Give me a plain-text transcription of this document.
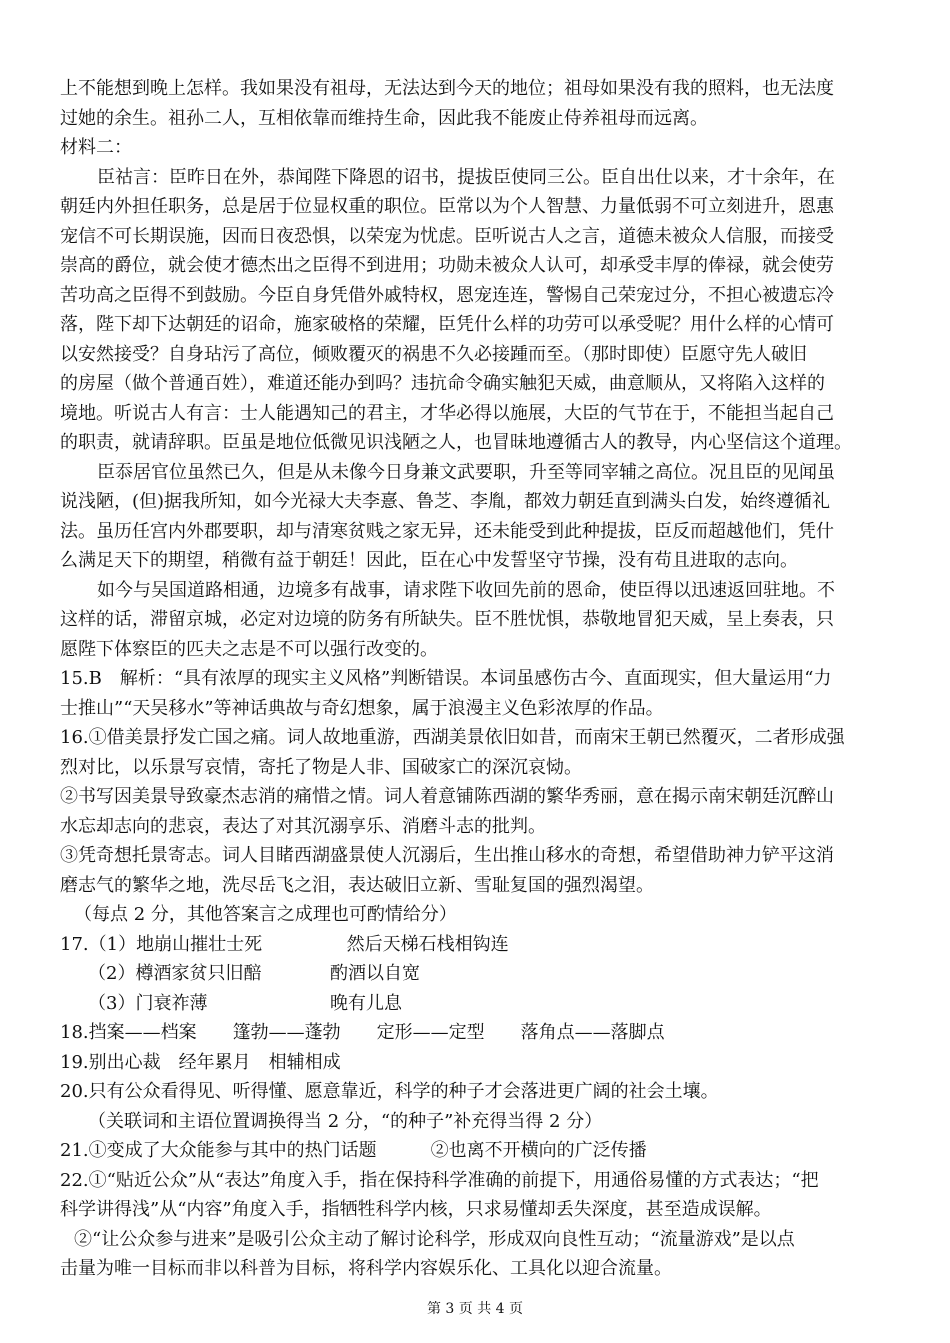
上不能想到晚上怎样。我如果没有祖母，无法达到今天的地位；祖母如果没有我的照料，也无法度

过她的余生。祖孙二人，互相依靠而维持生命，因此我不能废止侍养祖母而远离。

材料二：

臣祜言：臣昨日在外，恭闻陛下降恩的诏书，提拔臣使同三公。臣自出仕以来，才十余年，在

朝廷内外担任职务，总是居于位显权重的职位。臣常以为个人智慧、力量低弱不可立刻进升，恩惠

宠信不可长期误施，因而日夜恐惧，以荣宠为忧虑。臣听说古人之言，道德未被众人信服，而接受

崇高的爵位，就会使才德杰出之臣得不到进用；功勋未被众人认可，却承受丰厚的俸禄，就会使劳

苦功高之臣得不到鼓励。今臣自身凭借外戚特权，恩宠连连，警惕自己荣宠过分，不担心被遗忘冷

落，陛下却下达朝廷的诏命，施家破格的荣耀，臣凭什么样的功劳可以承受呢？用什么样的心情可

以安然接受？自身玷污了高位，倾败覆灭的祸患不久必接踵而至。（那时即使）臣愿守先人破旧

的房屋（做个普通百姓），难道还能办到吗？违抗命令确实触犯天威，曲意顺从，又将陷入这样的

境地。听说古人有言：士人能遇知己的君主，才华必得以施展，大臣的气节在于，不能担当起自己

的职责，就请辞职。臣虽是地位低微见识浅陋之人，也冒昧地遵循古人的教导，内心坚信这个道理。

臣忝居官位虽然已久，但是从未像今日身兼文武要职，升至等同宰辅之高位。况且臣的见闻虽

说浅陋，(但)据我所知，如今光禄大夫李憙、鲁芝、李胤，都效力朝廷直到满头白发，始终遵循礼

法。虽历任宫内外郡要职，却与清寒贫贱之家无异，还未能受到此种提拔，臣反而超越他们，凭什

么满足天下的期望，稍微有益于朝廷！因此，臣在心中发誓坚守节操，没有苟且进取的志向。

如今与吴国道路相通，边境多有战事，请求陛下收回先前的恩命，使臣得以迅速返回驻地。不

这样的话，滞留京城，必定对边境的防务有所缺失。臣不胜忧惧，恭敬地冒犯天威，呈上奏表，只

愿陛下体察臣的匹夫之志是不可以强行改变的。

15.B　解析：“具有浓厚的现实主义风格”判断错误。本词虽感伤古今、直面现实，但大量运用“力

士推山”“天吴移水”等神话典故与奇幻想象，属于浪漫主义色彩浓厚的作品。

16.①借美景抒发亡国之痛。词人故地重游，西湖美景依旧如昔，而南宋王朝已然覆灭，二者形成强

烈对比，以乐景写哀情，寄托了物是人非、国破家亡的深沉哀恸。

②书写因美景导致豪杰志消的痛惜之情。词人着意铺陈西湖的繁华秀丽，意在揭示南宋朝廷沉醉山

水忘却志向的悲哀，表达了对其沉溺享乐、消磨斗志的批判。

③凭奇想托景寄志。词人目睹西湖盛景使人沉溺后，生出推山移水的奇想，希望借助神力铲平这消

磨志气的繁华之地，洗尽岳飞之泪，表达破旧立新、雪耻复国的强烈渴望。

（每点 2 分，其他答案言之成理也可酌情给分）

17.（1）地崩山摧壮士死	然后天梯石栈相钩连

（2）樽酒家贫只旧醅	酌酒以自宽

（3）门衰祚薄	晚有儿息

18.挡案——档案 篷勃——蓬勃 定形——定型 落角点——落脚点

19.别出心裁 经年累月 相辅相成

20.只有公众看得见、听得懂、愿意靠近，科学的种子才会落进更广阔的社会土壤。

（关联词和主语位置调换得当 2 分，“的种子”补充得当得 2 分）

21.①变成了大众能参与其中的热门话题	②也离不开横向的广泛传播

22.①“贴近公众”从“表达”角度入手，指在保持科学准确的前提下，用通俗易懂的方式表达；“把

科学讲得浅”从“内容”角度入手，指牺牲科学内核，只求易懂却丢失深度，甚至造成误解。

②“让公众参与进来”是吸引公众主动了解讨论科学，形成双向良性互动；“流量游戏”是以点

击量为唯一目标而非以科普为目标，将科学内容娱乐化、工具化以迎合流量。

第 3 页 共 4 页
